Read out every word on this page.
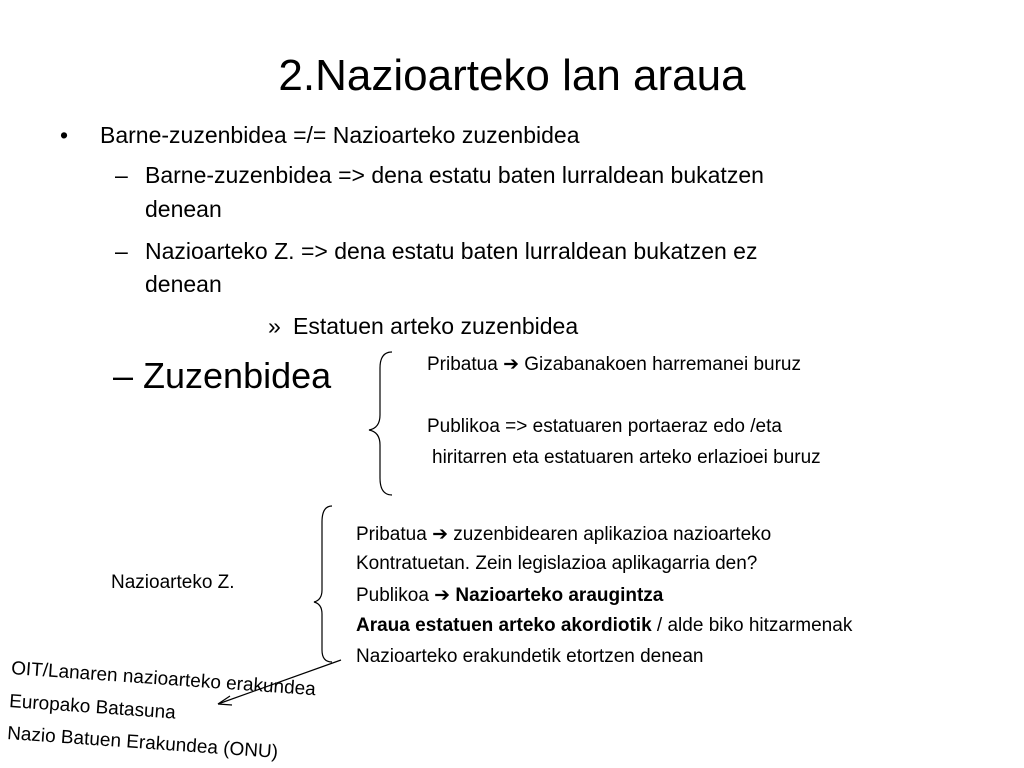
2.Nazioarteko lan araua
• Barne-zuzenbidea =/= Nazioarteko zuzenbidea
– Barne-zuzenbidea => dena estatu baten lurraldean bukatzen
denean
– Nazioarteko Z. => dena estatu baten lurraldean bukatzen ez
denean
» Estatuen arteko zuzenbidea
– Zuzenbidea	Pribatua ➔ Gizabanakoen harremanei buruz
Publikoa => estatuaren portaeraz edo /eta
hiritarren eta estatuaren arteko erlazioei buruz
Nazioarteko Z.
Pribatua ➔ zuzenbidearen aplikazioa nazioarteko
Kontratuetan. Zein legislazioa aplikagarria den?
Publikoa ➔ Nazioarteko araugintza
Araua estatuen arteko akordiotik / alde biko hitzarmenak
Nazioarteko erakundetik etortzen denean
OIT/Lanaren nazioarteko erakundea
Europako Batasuna
Nazio Batuen Erakundea (ONU)
